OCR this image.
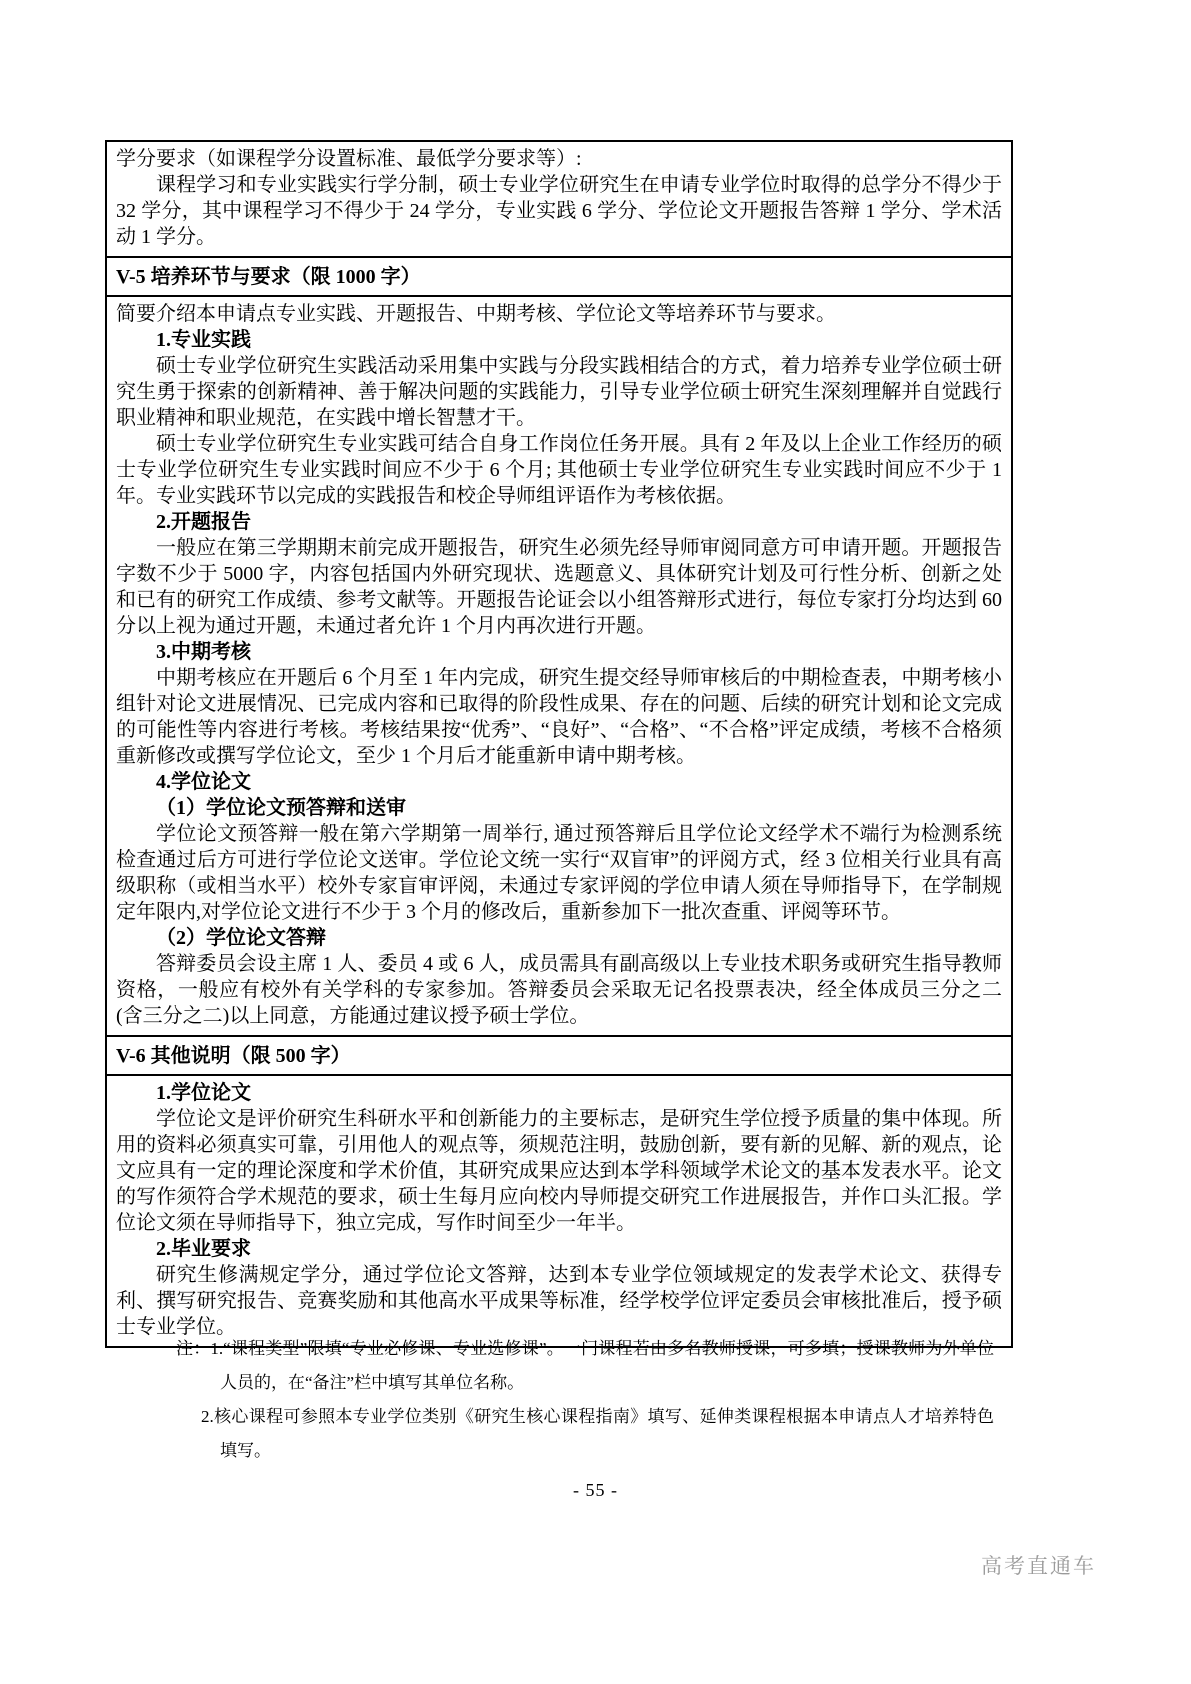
学分要求（如课程学分设置标准、最低学分要求等）:

课程学习和专业实践实行学分制，硕士专业学位研究生在申请专业学位时取得的总学分不得少于 32 学分，其中课程学习不得少于 24 学分，专业实践 6 学分、学位论文开题报告答辩 1 学分、学术活动 1 学分。

V-5 培养环节与要求（限 1000 字）

简要介绍本申请点专业实践、开题报告、中期考核、学位论文等培养环节与要求。

1.专业实践

硕士专业学位研究生实践活动采用集中实践与分段实践相结合的方式，着力培养专业学位硕士研究生勇于探索的创新精神、善于解决问题的实践能力，引导专业学位硕士研究生深刻理解并自觉践行职业精神和职业规范，在实践中增长智慧才干。

硕士专业学位研究生专业实践可结合自身工作岗位任务开展。具有 2 年及以上企业工作经历的硕士专业学位研究生专业实践时间应不少于 6 个月; 其他硕士专业学位研究生专业实践时间应不少于 1 年。专业实践环节以完成的实践报告和校企导师组评语作为考核依据。

2.开题报告

一般应在第三学期期末前完成开题报告，研究生必须先经导师审阅同意方可申请开题。开题报告字数不少于 5000 字，内容包括国内外研究现状、选题意义、具体研究计划及可行性分析、创新之处和已有的研究工作成绩、参考文献等。开题报告论证会以小组答辩形式进行，每位专家打分均达到 60 分以上视为通过开题，未通过者允许 1 个月内再次进行开题。

3.中期考核

中期考核应在开题后 6 个月至 1 年内完成，研究生提交经导师审核后的中期检查表，中期考核小组针对论文进展情况、已完成内容和已取得的阶段性成果、存在的问题、后续的研究计划和论文完成的可能性等内容进行考核。考核结果按“优秀”、“良好”、“合格”、“不合格”评定成绩，考核不合格须重新修改或撰写学位论文，至少 1 个月后才能重新申请中期考核。

4.学位论文

（1）学位论文预答辩和送审

学位论文预答辩一般在第六学期第一周举行, 通过预答辩后且学位论文经学术不端行为检测系统检查通过后方可进行学位论文送审。学位论文统一实行“双盲审”的评阅方式，经 3 位相关行业具有高级职称（或相当水平）校外专家盲审评阅，未通过专家评阅的学位申请人须在导师指导下，在学制规定年限内,对学位论文进行不少于 3 个月的修改后，重新参加下一批次查重、评阅等环节。

（2）学位论文答辩

答辩委员会设主席 1 人、委员 4 或 6 人，成员需具有副高级以上专业技术职务或研究生指导教师资格，一般应有校外有关学科的专家参加。答辩委员会采取无记名投票表决，经全体成员三分之二(含三分之二)以上同意，方能通过建议授予硕士学位。

V-6 其他说明（限 500 字）

1.学位论文

学位论文是评价研究生科研水平和创新能力的主要标志，是研究生学位授予质量的集中体现。所用的资料必须真实可靠，引用他人的观点等，须规范注明，鼓励创新，要有新的见解、新的观点，论文应具有一定的理论深度和学术价值，其研究成果应达到本学科领域学术论文的基本发表水平。论文的写作须符合学术规范的要求，硕士生每月应向校内导师提交研究工作进展报告，并作口头汇报。学位论文须在导师指导下，独立完成，写作时间至少一年半。

2.毕业要求

研究生修满规定学分，通过学位论文答辩，达到本专业学位领域规定的发表学术论文、获得专利、撰写研究报告、竞赛奖励和其他高水平成果等标准，经学校学位评定委员会审核批准后，授予硕士专业学位。

注：1.“课程类型”限填“专业必修课、专业选修课”。一门课程若由多名教师授课，可多填；授课教师为外单位人员的，在“备注”栏中填写其单位名称。

2.核心课程可参照本专业学位类别《研究生核心课程指南》填写、延伸类课程根据本申请点人才培养特色填写。

- 55 -
高考直通车
